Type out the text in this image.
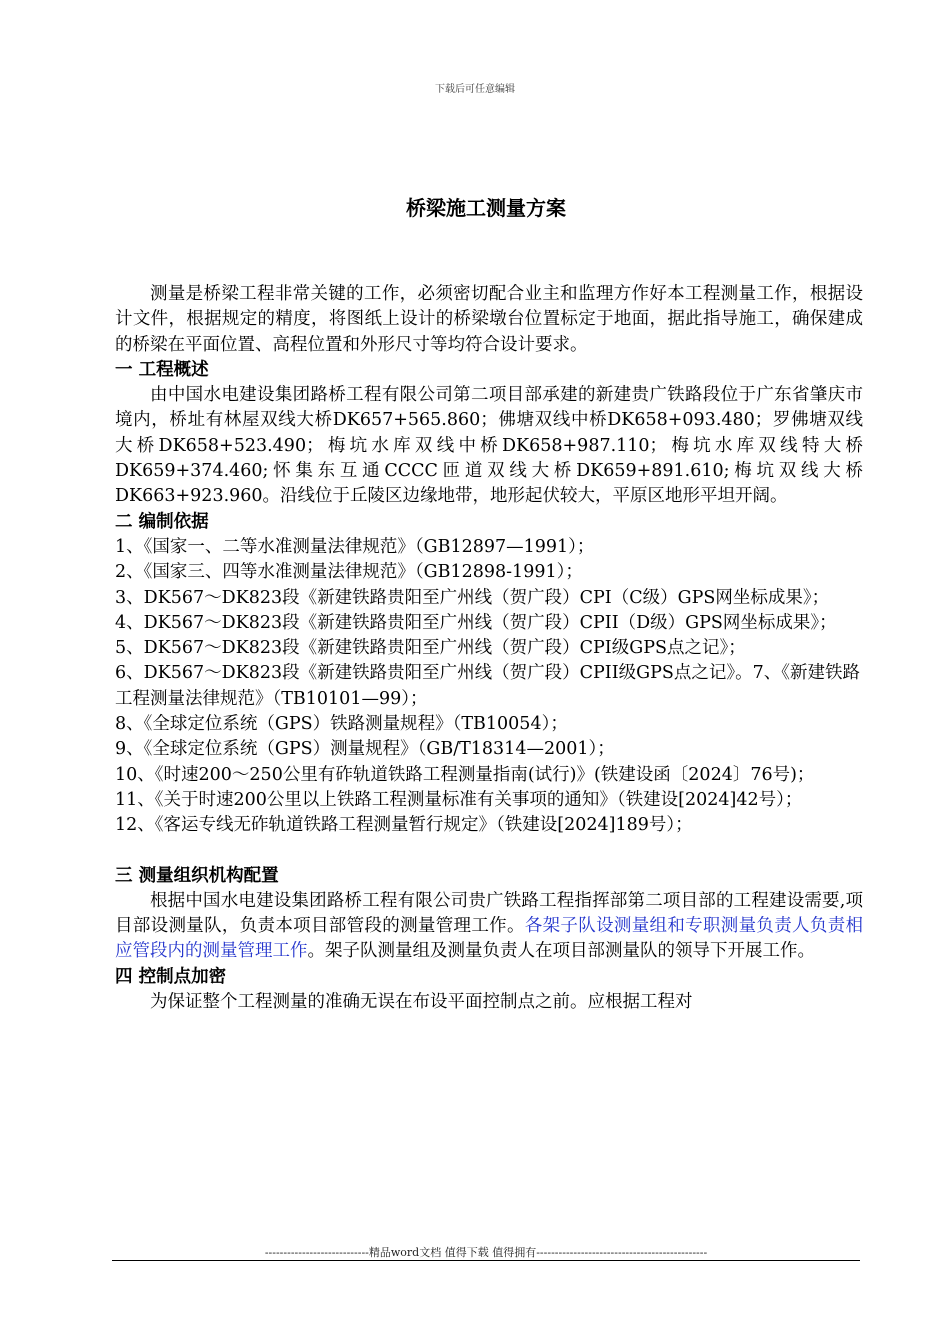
下载后可任意编辑
桥梁施工测量方案

测量是桥梁工程非常关键的工作，必须密切配合业主和监理方作好本工程测量工作，根据设计文件，根据规定的精度，将图纸上设计的桥梁墩台位置标定于地面，据此指导施工，确保建成的桥梁在平面位置、高程位置和外形尺寸等均符合设计要求。

一 工程概述

由中国水电建设集团路桥工程有限公司第二项目部承建的新建贵广铁路段位于广东省肇庆市境内，桥址有林屋双线大桥DK657+565.860；佛塘双线中桥DK658+093.480；罗佛塘双线大桥DK658+523.490；梅坑水库双线中桥DK658+987.110；梅坑水库双线特大桥DK659+374.460;怀集东互通CCCC匝道双线大桥DK659+891.610;梅坑双线大桥DK663+923.960。沿线位于丘陵区边缘地带，地形起伏较大，平原区地形平坦开阔。

二 编制依据

1、《国家一、二等水准测量法律规范》（GB12897—1991）；

2、《国家三、四等水准测量法律规范》（GB12898-1991）；

3、DK567～DK823段《新建铁路贵阳至广州线（贺广段）CPI（C级）GPS网坐标成果》；

4、DK567～DK823段《新建铁路贵阳至广州线（贺广段）CPII（D级）GPS网坐标成果》；

5、DK567～DK823段《新建铁路贵阳至广州线（贺广段）CPI级GPS点之记》；

6、DK567～DK823段《新建铁路贵阳至广州线（贺广段）CPII级GPS点之记》。7、《新建铁路工程测量法律规范》（TB10101—99）；

8、《全球定位系统（GPS）铁路测量规程》（TB10054）；

9、《全球定位系统（GPS）测量规程》（GB/T18314—2001）；

10、《时速200～250公里有砟轨道铁路工程测量指南(试行)》(铁建设函〔2024〕76号)；

11、《关于时速200公里以上铁路工程测量标准有关事项的通知》（铁建设[2024]42号）；

12、《客运专线无砟轨道铁路工程测量暂行规定》（铁建设[2024]189号）；

三 测量组织机构配置

根据中国水电建设集团路桥工程有限公司贵广铁路工程指挥部第二项目部的工程建设需要,项目部设测量队，负责本项目部管段的测量管理工作。各架子队设测量组和专职测量负责人负责相应管段内的测量管理工作。架子队测量组及测量负责人在项目部测量队的领导下开展工作。

四 控制点加密

为保证整个工程测量的准确无误在布设平面控制点之前。应根据工程对

----------------------------精品word文档 值得下载 值得拥有----------------------------------------------
